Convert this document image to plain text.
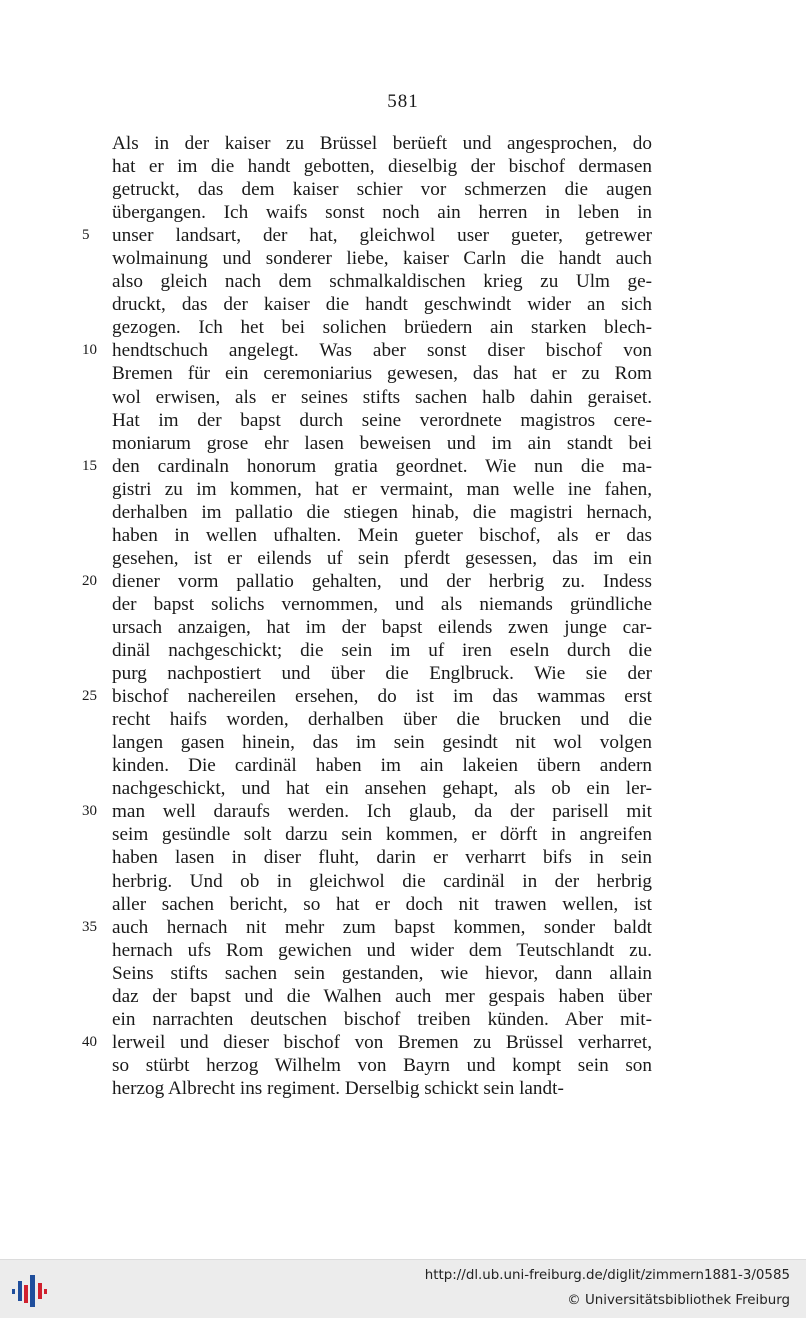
581
Als in der kaiser zu Brüssel berüeft und angesprochen, do
hat er im die handt gebotten, dieselbig der bischof dermasen
getruckt, das dem kaiser schier vor schmerzen die augen
übergangen. Ich waifs sonst noch ain herren in leben in
5	unser landsart, der hat, gleichwol user gueter, getrewer
wolmainung und sonderer liebe, kaiser Carln die handt auch
also gleich nach dem schmalkaldischen krieg zu Ulm ge-
druckt, das der kaiser die handt geschwindt wider an sich
gezogen. Ich het bei solichen brüedern ain starken blech-
10 hendtschuch angelegt. Was aber sonst diser bischof von
Bremen für ein ceremoniarius gewesen, das hat er zu Rom
wol erwisen, als er seines stifts sachen halb dahin geraiset.
Hat im der bapst durch seine verordnete magistros cere-
moniarum grose ehr lasen beweisen und im ain standt bei
15 den cardinaln honorum gratia geordnet. Wie nun die ma-
gistri zu im kommen, hat er vermaint, man welle ine fahen,
derhalben im pallatio die stiegen hinab, die magistri hernach,
haben in wellen ufhalten. Mein gueter bischof, als er das
gesehen, ist er eilends uf sein pferdt gesessen, das im ein
20 diener vorm pallatio gehalten, und der herbrig zu. Indess
der bapst solichs vernommen, und als niemands gründliche
ursach anzaigen, hat im der bapst eilends zwen junge car-
dinäl nachgeschickt; die sein im uf iren eseln durch die
purg nachpostiert und über die Englbruck. Wie sie der
25 bischof nachereilen ersehen, do ist im das wammas erst
recht haifs worden, derhalben über die brucken und die
langen gasen hinein, das im sein gesindt nit wol volgen
kinden. Die cardinäl haben im ain lakeien übern andern
nachgeschickt, und hat ein ansehen gehapt, als ob ein ler-
30 man well daraufs werden. Ich glaub, da der parisell mit
seim gesündle solt darzu sein kommen, er dörft in angreifen
haben lasen in diser fluht, darin er verharrt bifs in sein
herbrig. Und ob in gleichwol die cardinäl in der herbrig
aller sachen bericht, so hat er doch nit trawen wellen, ist
35 auch hernach nit mehr zum bapst kommen, sonder baldt
hernach ufs Rom gewichen und wider dem Teutschlandt zu.
Seins stifts sachen sein gestanden, wie hievor, dann allain
daz der bapst und die Walhen auch mer gespais haben über
ein narrachten deutschen bischof treiben künden. Aber mit-
40 lerweil und dieser bischof von Bremen zu Brüssel verharret,
so stürbt herzog Wilhelm von Bayrn und kompt sein son
herzog Albrecht ins regiment. Derselbig schickt sein landt-
http://dl.ub.uni-freiburg.de/diglit/zimmern1881-3/0585
© Universitätsbibliothek Freiburg
